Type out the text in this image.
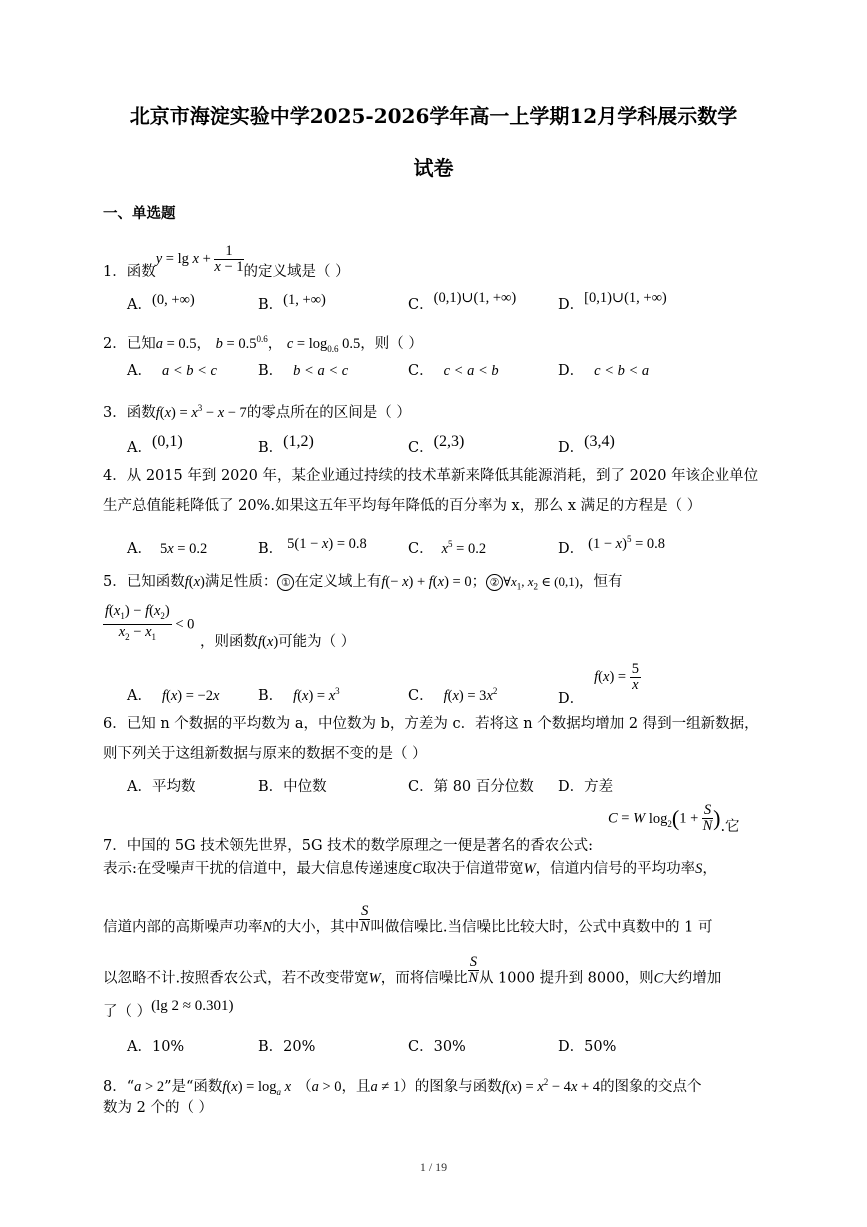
北京市海淀实验中学2025-2026学年高一上学期12月学科展示数学
试卷
一、单选题
1．函数$y = \lg x + \frac{1}{x - 1}$ 的定义域是（ ）
A．(0, +∞)	B．(1, +∞)	C．(0,1)∪(1, +∞)	D．[0,1)∪(1, +∞)
2．已知a = 0.5， $b = 0.5^{0.6}$， $c = \log_{0.6} 0.5$，则（ ）
A． a < b < c	B． b < a < c	C． c < a < b	D． c < b < a
3．函数$f(x) = x^3 - x - 7$的零点所在的区间是（ ）
A．(0,1)	B．(1,2)	C．(2,3)	D．(3,4)
4．从 2015 年到 2020 年，某企业通过持续的技术革新来降低其能源消耗，到了 2020 年该企业单位
生产总值能耗降低了 20%.如果这五年平均每年降低的百分率为 x，那么 x 满足的方程是（ ）
A． 5x = 0.2	B． 5(1 − x) = 0.8	C． $x^5 = 0.2$	D． $(1 - x)^5 = 0.8$
5．已知函数f(x)满足性质： ① 在定义域上有f(− x) + f(x) = 0； ② $\forall x_1$, $x_2$ ∈ (0,1)，恒有
$\frac{f(x_1) - f(x_2)}{x_2 - x_1} < 0$
，则函数f(x)可能为（ ）
A． f(x) = −2x	B． $f(x) = x^3$	C． $f(x) = 3x^2$	D．$f(x) = \frac{5}{x}$
6．已知 n 个数据的平均数为 a，中位数为 b，方差为 c．若将这 n 个数据均增加 2 得到一组新数据，
则下列关于这组新数据与原来的数据不变的是（ ）
A．平均数	B．中位数	C．第 80 百分位数 D．方差
7．中国的 5G 技术领先世界，5G 技术的数学原理之一便是著名的香农公式:
C = W $\log_2(1 + \frac{S}{N}$ ).它
表示:在受噪声干扰的信道中，最大信息传递速度C取决于信道带宽W，信道内信号的平均功率S，
信道内部的高斯噪声功率N的大小，其中 $\frac{S}{N}$ 叫做信噪比.当信噪比比较大时，公式中真数中的 1 可
以忽略不计.按照香农公式，若不改变带宽W，而将信噪比 $\frac{S}{N}$ 从 1000 提升到 8000，则C大约增加
了（ ）(lg 2 ≈ 0.301)
A．10%	B．20%	C．30%	D．50%
8．“a > 2”是“函数$f(x) = \log_a x$ （a > 0，且a ≠ 1）的图象与函数$f(x) = x^2 - 4x + 4$的图象的交点个
数为 2 个的（ ）
1 / 19
